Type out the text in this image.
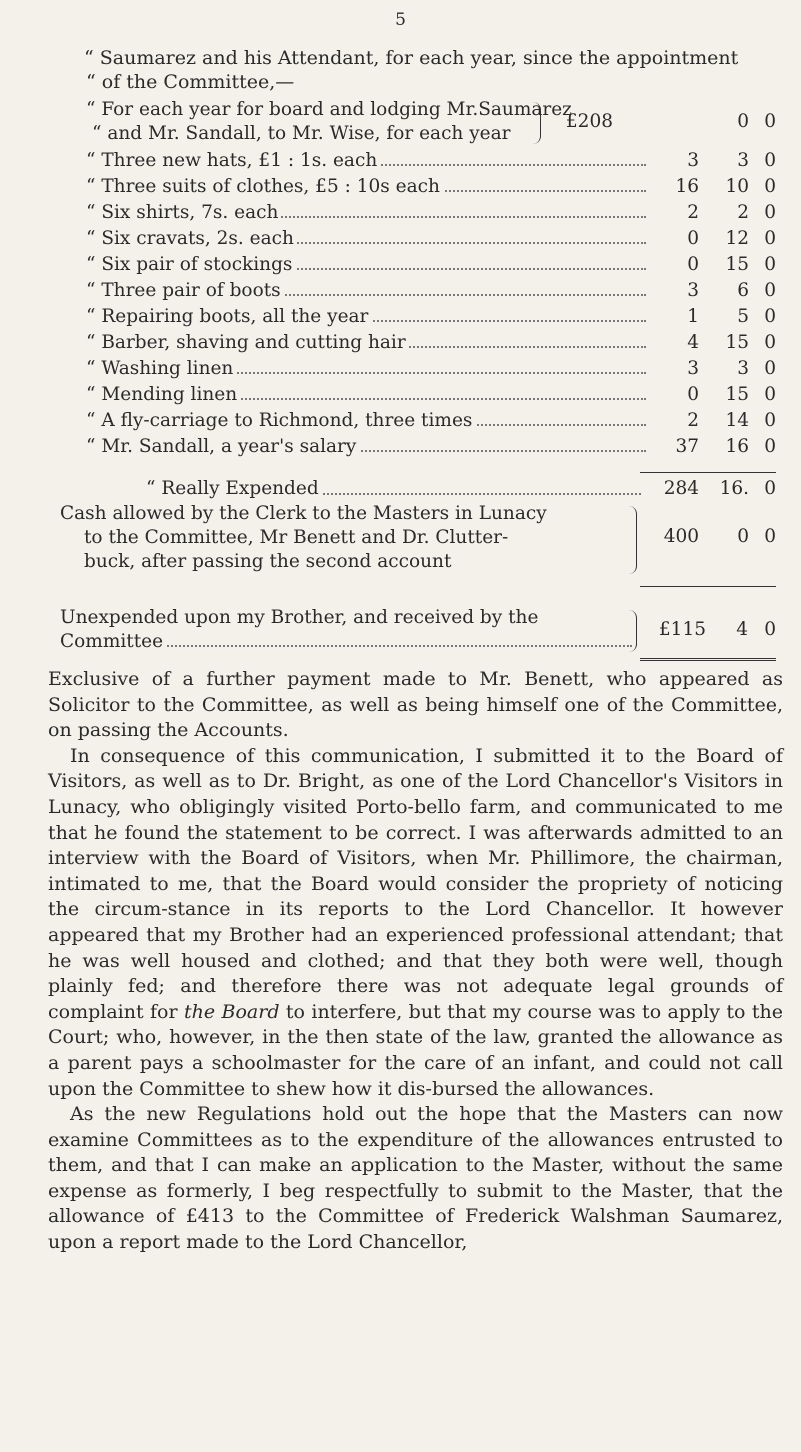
5
“ Saumarez and his Attendant, for each year, since the appointment
“ of the Committee,—
“ For each year for board and lodging Mr.Saumarez
“ and Mr. Sandall, to Mr. Wise, for each year
£208	0 0
“ Three new hats, £1 : 1s. each	3	3 0
“ Three suits of clothes, £5 : 10s each	16	10 0
“ Six shirts, 7s. each	2	2 0
“ Six cravats, 2s. each	0	12 0
“ Six pair of stockings	0	15 0
“ Three pair of boots	3	6 0
“ Repairing boots, all the year	1	5 0
“ Barber, shaving and cutting hair	4	15 0
“ Washing linen	3	3 0
“ Mending linen	0	15 0
“ A fly-carriage to Richmond, three times	2	14 0
“ Mr. Sandall, a year's salary	37	16 0
“ Really Expended	284	16. 0
Cash allowed by the Clerk to the Masters in Lunacy
to the Committee, Mr Benett and Dr. Clutter-
buck, after passing the second account
400	0 0
Unexpended upon my Brother, and received by the
Committee
£115	4 0

Exclusive of a further payment made to Mr. Benett, who appeared as Solicitor to the Committee, as well as being himself one of the Committee, on passing the Accounts.

In consequence of this communication, I submitted it to the Board of Visitors, as well as to Dr. Bright, as one of the Lord Chancellor's Visitors in Lunacy, who obligingly visited Porto-bello farm, and communicated to me that he found the statement to be correct. I was afterwards admitted to an interview with the Board of Visitors, when Mr. Phillimore, the chairman, intimated to me, that the Board would consider the propriety of noticing the circum-stance in its reports to the Lord Chancellor. It however appeared that my Brother had an experienced professional attendant; that he was well housed and clothed; and that they both were well, though plainly fed; and therefore there was not adequate legal grounds of complaint for the Board to interfere, but that my course was to apply to the Court; who, however, in the then state of the law, granted the allowance as a parent pays a schoolmaster for the care of an infant, and could not call upon the Committee to shew how it dis-bursed the allowances.

As the new Regulations hold out the hope that the Masters can now examine Committees as to the expenditure of the allowances entrusted to them, and that I can make an application to the Master, without the same expense as formerly, I beg respectfully to submit to the Master, that the allowance of £413 to the Committee of Frederick Walshman Saumarez, upon a report made to the Lord Chancellor,
